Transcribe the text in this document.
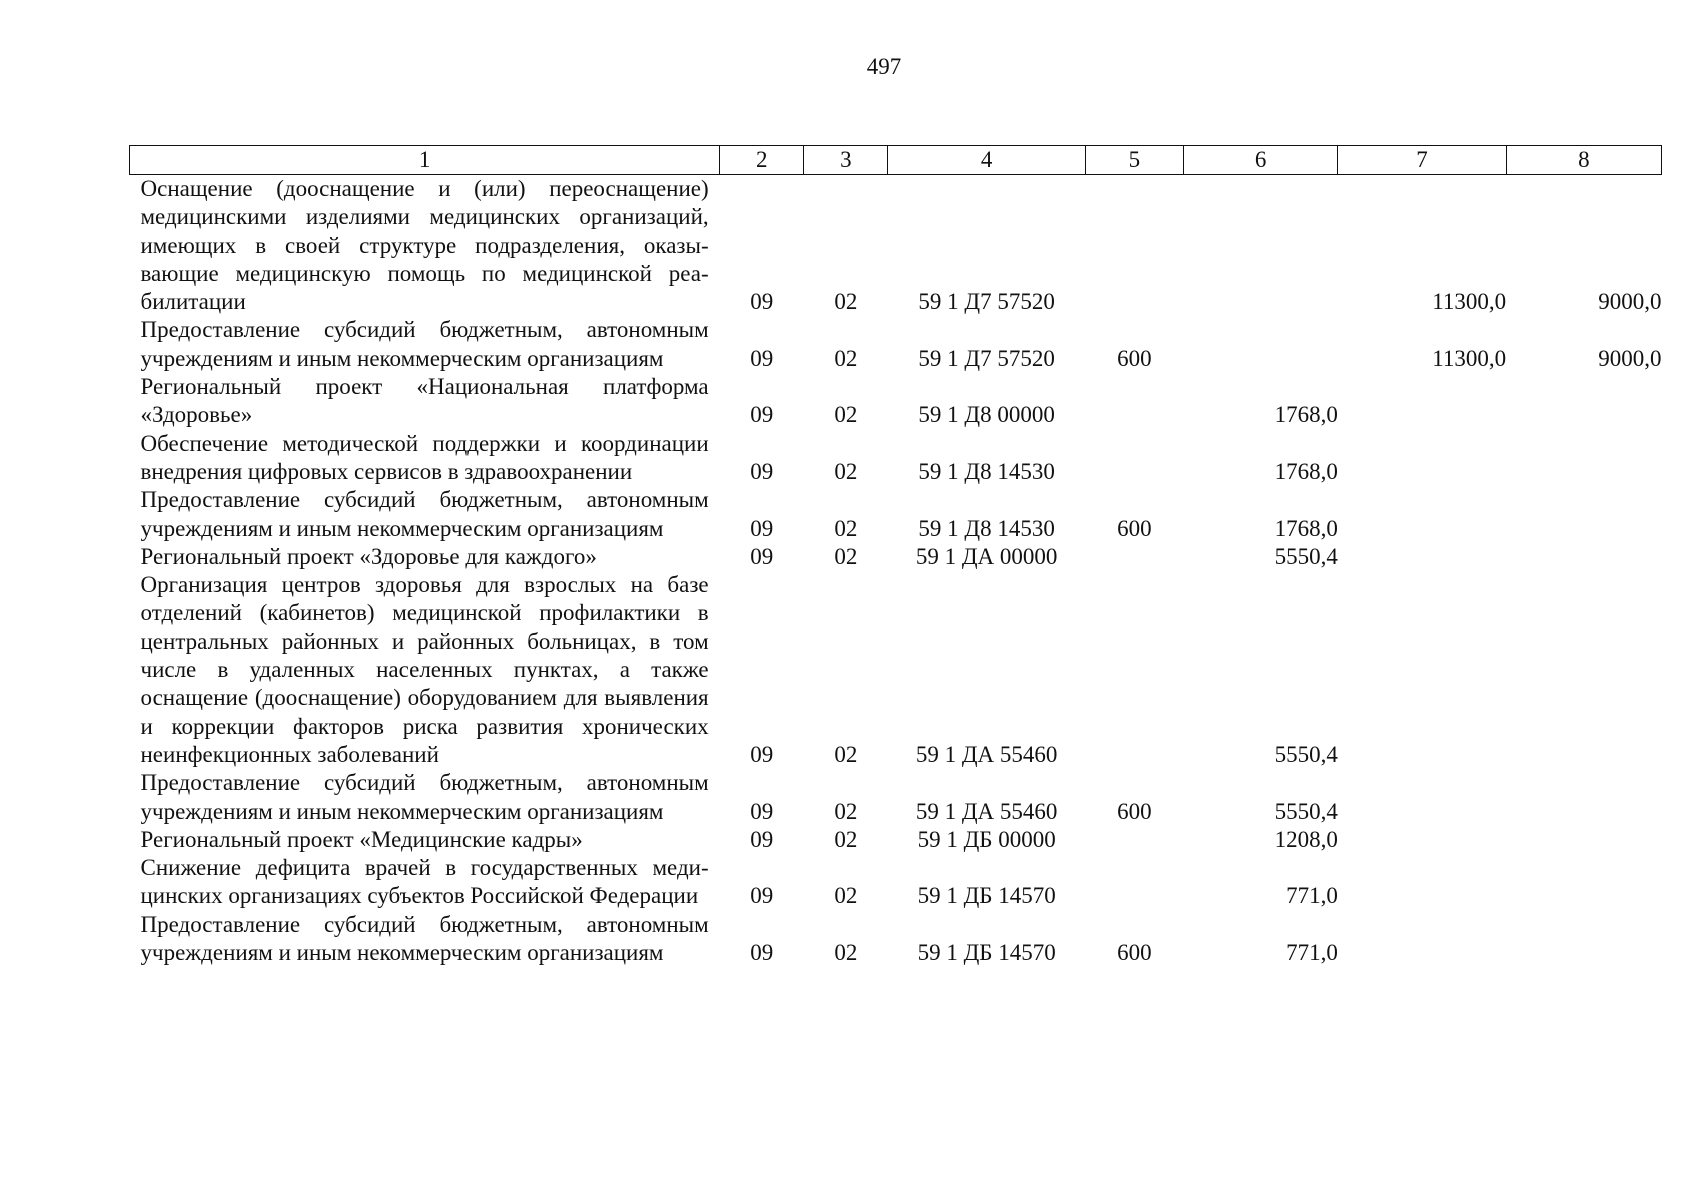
497
1	2	3	4	5	6	7	8
Оснащение (дооснащение и (или) переоснащение) медицинскими изделиями медицинских организаций, имеющих в своей структуре подразделения, оказывающие медицинскую помощь по медицинской реабилитации	09	02	59 1 Д7 57520			11300,0	9000,0
Предоставление субсидий бюджетным, автономным учреждениям и иным некоммерческим организациям	09	02	59 1 Д7 57520	600		11300,0	9000,0
Региональный проект «Национальная платформа «Здоровье»	09	02	59 1 Д8 00000		1768,0		
Обеспечение методической поддержки и координации внедрения цифровых сервисов в здравоохранении	09	02	59 1 Д8 14530		1768,0		
Предоставление субсидий бюджетным, автономным учреждениям и иным некоммерческим организациям	09	02	59 1 Д8 14530	600	1768,0		
Региональный проект «Здоровье для каждого»	09	02	59 1 ДА 00000		5550,4		
Организация центров здоровья для взрослых на базе отделений (кабинетов) медицинской профилактики в центральных районных и районных больницах, в том числе в удаленных населенных пунктах, а также оснащение (дооснащение) оборудованием для выявления и коррекции факторов риска развития хронических неинфекционных заболеваний	09	02	59 1 ДА 55460		5550,4		
Предоставление субсидий бюджетным, автономным учреждениям и иным некоммерческим организациям	09	02	59 1 ДА 55460	600	5550,4		
Региональный проект «Медицинские кадры»	09	02	59 1 ДБ 00000		1208,0		
Снижение дефицита врачей в государственных медицинских организациях субъектов Российской Федерации	09	02	59 1 ДБ 14570		771,0		
Предоставление субсидий бюджетным, автономным учреждениям и иным некоммерческим организациям	09	02	59 1 ДБ 14570	600	771,0		
